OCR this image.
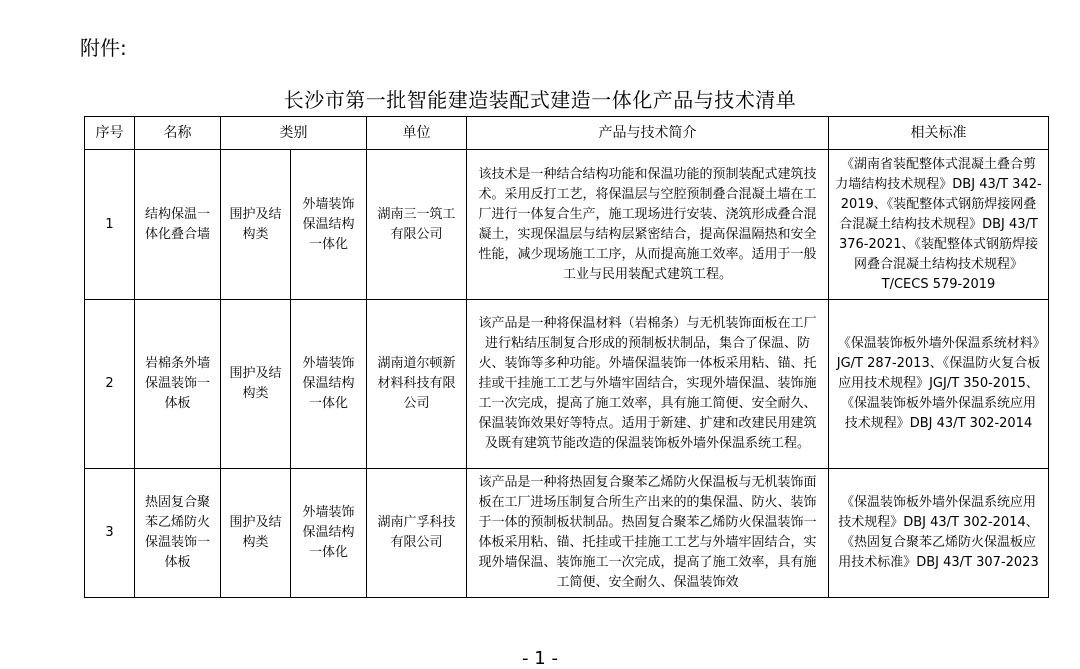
附件:
长沙市第一批智能建造装配式建造一体化产品与技术清单
序号	名称	类别		单位	产品与技术简介	相关标准
1	结构保温一体化叠合墙	围护及结构类	外墙装饰保温结构一体化	湖南三一筑工有限公司	该技术是一种结合结构功能和保温功能的预制装配式建筑技术。采用反打工艺，将保温层与空腔预制叠合混凝土墙在工厂进行一体复合生产，施工现场进行安装、浇筑形成叠合混凝土，实现保温层与结构层紧密结合，提高保温隔热和安全性能，减少现场施工工序，从而提高施工效率。适用于一般工业与民用装配式建筑工程。	《湖南省装配整体式混凝土叠合剪力墙结构技术规程》DBJ 43/T 342-2019、《装配整体式钢筋焊接网叠合混凝土结构技术规程》DBJ 43/T 376-2021、《装配整体式钢筋焊接网叠合混凝土结构技术规程》T/CECS 579-2019
2	岩棉条外墙保温装饰一体板	围护及结构类	外墙装饰保温结构一体化	湖南道尔顿新材料科技有限公司	该产品是一种将保温材料（岩棉条）与无机装饰面板在工厂进行粘结压制复合形成的预制板状制品，集合了保温、防火、装饰等多种功能。外墙保温装饰一体板采用粘、锚、托挂或干挂施工工艺与外墙牢固结合，实现外墙保温、装饰施工一次完成，提高了施工效率，具有施工简便、安全耐久、保温装饰效果好等特点。适用于新建、扩建和改建民用建筑及既有建筑节能改造的保温装饰板外墙外保温系统工程。	《保温装饰板外墙外保温系统材料》JG/T 287-2013、《保温防火复合板应用技术规程》JGJ/T 350-2015、《保温装饰板外墙外保温系统应用技术规程》DBJ 43/T 302-2014
3	热固复合聚苯乙烯防火保温装饰一体板	围护及结构类	外墙装饰保温结构一体化	湖南广孚科技有限公司	该产品是一种将热固复合聚苯乙烯防火保温板与无机装饰面板在工厂进场压制复合所生产出来的的集保温、防火、装饰于一体的预制板状制品。热固复合聚苯乙烯防火保温装饰一体板采用粘、锚、托挂或干挂施工工艺与外墙牢固结合，实现外墙保温、装饰施工一次完成，提高了施工效率，具有施工简便、安全耐久、保温装饰效	《保温装饰板外墙外保温系统应用技术规程》DBJ 43/T 302-2014、《热固复合聚苯乙烯防火保温板应用技术标准》DBJ 43/T 307-2023
- 1 -
